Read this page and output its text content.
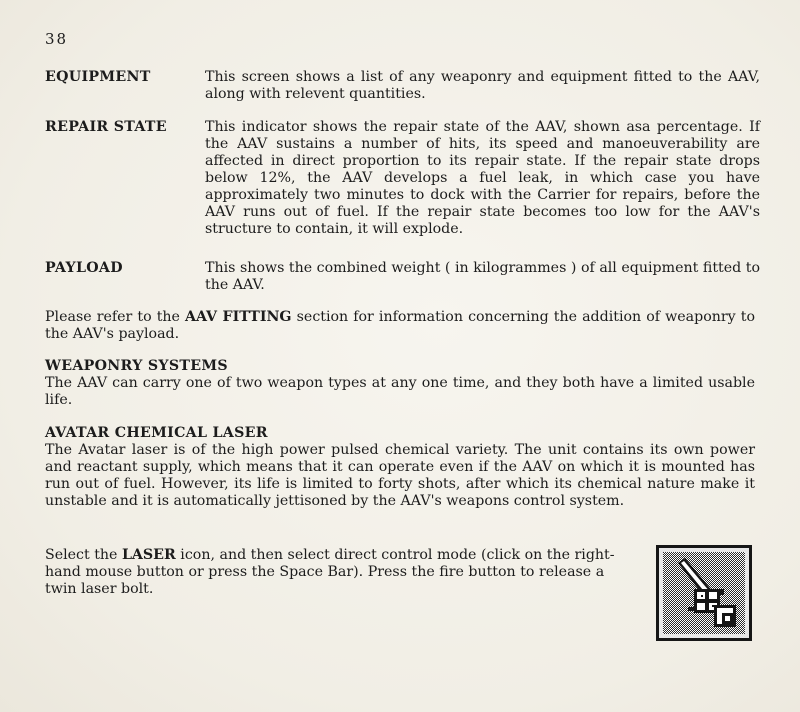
38
EQUIPMENT	This screen shows a list of any weaponry and equipment fitted to the AAV, along with relevent quantities.
REPAIR STATE	This indicator shows the repair state of the AAV, shown asa percentage. If the AAV sustains a number of hits, its speed and manoeuverability are affected in direct proportion to its repair state. If the repair state drops below 12%, the AAV develops a fuel leak, in which case you have approximately two minutes to dock with the Carrier for repairs, before the AAV runs out of fuel. If the repair state becomes too low for the AAV's structure to contain, it will explode.
PAYLOAD	This shows the combined weight ( in kilogrammes ) of all equipment fitted to the AAV.
Please refer to the AAV FITTING section for information concerning the addition of weaponry to the AAV's payload.
WEAPONRY SYSTEMS
The AAV can carry one of two weapon types at any one time, and they both have a limited usable life.
AVATAR CHEMICAL LASER
The Avatar laser is of the high power pulsed chemical variety. The unit contains its own power and reactant supply, which means that it can operate even if the AAV on which it is mounted has run out of fuel. However, its life is limited to forty shots, after which its chemical nature make it unstable and it is automatically jettisoned by the AAV's weapons control system.
Select the LASER icon, and then select direct control mode (click on the right-hand mouse button or press the Space Bar). Press the fire button to release a twin laser bolt.
